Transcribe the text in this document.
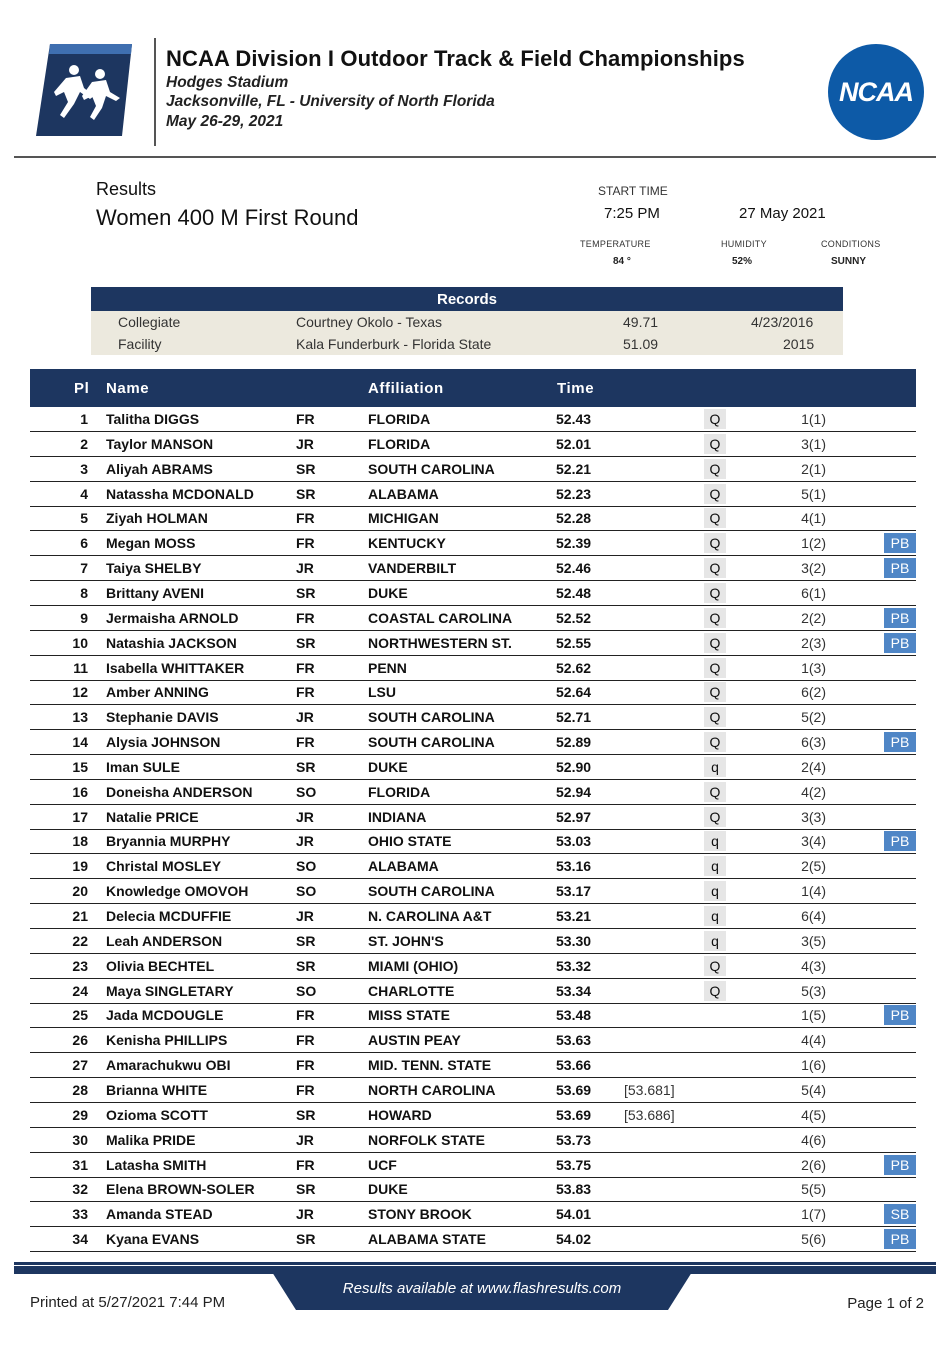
NCAA Division I Outdoor Track & Field Championships
Hodges Stadium
Jacksonville, FL - University of North Florida
May 26-29, 2021
NCAA
Results
Women 400 M First Round
START TIME
7:25 PM	27 May 2021
TEMPERATURE
84 °
HUMIDITY
52%
CONDITIONS
SUNNY
Records
Collegiate	Courtney Okolo - Texas	49.71	4/23/2016
Facility	Kala Funderburk - Florida State	51.09	2015
Pl Name	Affiliation	Time
1 Talitha DIGGS	FR	FLORIDA	52.43	Q	1(1)
2 Taylor MANSON	JR	FLORIDA	52.01	Q	3(1)
3 Aliyah ABRAMS	SR	SOUTH CAROLINA	52.21	Q	2(1)
4 Natassha MCDONALD	SR	ALABAMA	52.23	Q	5(1)
5 Ziyah HOLMAN	FR	MICHIGAN	52.28	Q	4(1)
6 Megan MOSS	FR	KENTUCKY	52.39	Q	1(2)	PB
7 Taiya SHELBY	JR	VANDERBILT	52.46	Q	3(2)	PB
8 Brittany AVENI	SR	DUKE	52.48	Q	6(1)
9 Jermaisha ARNOLD	FR	COASTAL CAROLINA	52.52	Q	2(2)	PB
10 Natashia JACKSON	SR	NORTHWESTERN ST.	52.55	Q	2(3)	PB
11 Isabella WHITTAKER	FR	PENN	52.62	Q	1(3)
12 Amber ANNING	FR	LSU	52.64	Q	6(2)
13 Stephanie DAVIS	JR	SOUTH CAROLINA	52.71	Q	5(2)
14 Alysia JOHNSON	FR	SOUTH CAROLINA	52.89	Q	6(3)	PB
15 Iman SULE	SR	DUKE	52.90	q	2(4)
16 Doneisha ANDERSON	SO	FLORIDA	52.94	Q	4(2)
17 Natalie PRICE	JR	INDIANA	52.97	Q	3(3)
18 Bryannia MURPHY	JR	OHIO STATE	53.03	q	3(4)	PB
19 Christal MOSLEY	SO	ALABAMA	53.16	q	2(5)
20 Knowledge OMOVOH	SO	SOUTH CAROLINA	53.17	q	1(4)
21 Delecia MCDUFFIE	JR	N. CAROLINA A&T	53.21	q	6(4)
22 Leah ANDERSON	SR	ST. JOHN'S	53.30	q	3(5)
23 Olivia BECHTEL	SR	MIAMI (OHIO)	53.32	Q	4(3)
24 Maya SINGLETARY	SO	CHARLOTTE	53.34	Q	5(3)
25 Jada MCDOUGLE	FR	MISS STATE	53.48	1(5)	PB
26 Kenisha PHILLIPS	FR	AUSTIN PEAY	53.63	4(4)
27 Amarachukwu OBI	FR	MID. TENN. STATE	53.66	1(6)
28 Brianna WHITE	FR	NORTH CAROLINA	53.69 [53.681]	5(4)
29 Ozioma SCOTT	SR	HOWARD	53.69 [53.686]	4(5)
30 Malika PRIDE	JR	NORFOLK STATE	53.73	4(6)
31 Latasha SMITH	FR	UCF	53.75	2(6)	PB
32 Elena BROWN-SOLER	SR	DUKE	53.83	5(5)
33 Amanda STEAD	JR	STONY BROOK	54.01	1(7)	SB
34 Kyana EVANS	SR	ALABAMA STATE	54.02	5(6)	PB
Results available at www.flashresults.com
Printed at 5/27/2021 7:44 PM	Page 1 of 2
